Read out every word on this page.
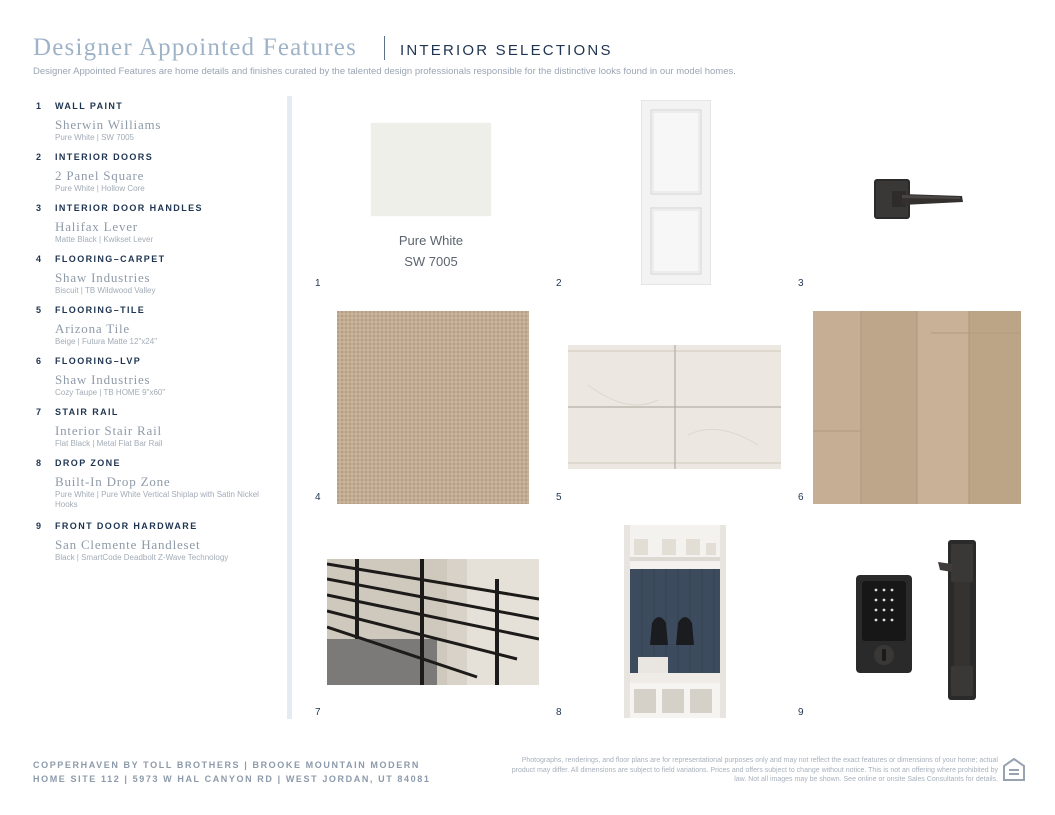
Designer Appointed Features	INTERIOR SELECTIONS
Designer Appointed Features are home details and finishes curated by the talented design professionals responsible for the distinctive looks found in our model homes.
1 WALL PAINT
Sherwin Williams
Pure White | SW 7005
2 INTERIOR DOORS
2 Panel Square
Pure White | Hollow Core
3 INTERIOR DOOR HANDLES
Halifax Lever
Matte Black | Kwikset Lever
4 FLOORING–CARPET
Shaw Industries
Biscuit | TB Wildwood Valley
5 FLOORING–TILE
Arizona Tile
Beige | Futura Matte 12"x24"
6 FLOORING–LVP
Shaw Industries
Cozy Taupe | TB HOME 9"x60"
7 STAIR RAIL
Interior Stair Rail
Flat Black | Metal Flat Bar Rail
8 DROP ZONE
Built-In Drop Zone
Pure White | Pure White Vertical Shiplap with Satin Nickel Hooks
9 FRONT DOOR HARDWARE
San Clemente Handleset
Black | SmartCode Deadbolt Z-Wave Technology
Pure White
SW 7005
1	2	3
4	5	6
7	8	9
COPPERHAVEN BY TOLL BROTHERS | BROOKE MOUNTAIN MODERN
HOME SITE 112 | 5973 W HAL CANYON RD | WEST JORDAN, UT 84081
Photographs, renderings, and floor plans are for representational purposes only and may not reflect the exact features or dimensions of your home; actual product may differ. All dimensions are subject to field variations. Prices and offers subject to change without notice. This is not an offering where prohibited by law. Not all images may be shown. See online or onsite Sales Consultants for details.
